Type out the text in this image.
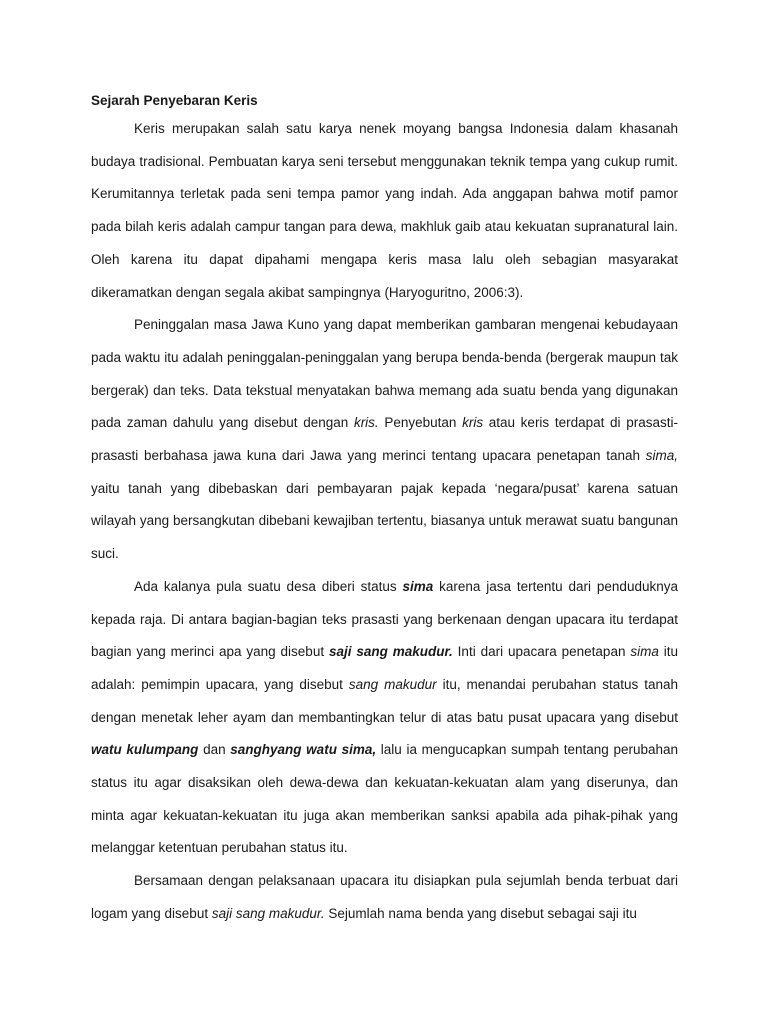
Sejarah Penyebaran Keris

Keris merupakan salah satu karya nenek moyang bangsa Indonesia dalam khasanah budaya tradisional. Pembuatan karya seni tersebut menggunakan teknik tempa yang cukup rumit. Kerumitannya terletak pada seni tempa pamor yang indah. Ada anggapan bahwa motif pamor pada bilah keris adalah campur tangan para dewa, makhluk gaib atau kekuatan supranatural lain. Oleh karena itu dapat dipahami mengapa keris masa lalu oleh sebagian masyarakat dikeramatkan dengan segala akibat sampingnya (Haryoguritno, 2006:3).

Peninggalan masa Jawa Kuno yang dapat memberikan gambaran mengenai kebudayaan pada waktu itu adalah peninggalan-peninggalan yang berupa benda-benda (bergerak maupun tak bergerak) dan teks. Data tekstual menyatakan bahwa memang ada suatu benda yang digunakan pada zaman dahulu yang disebut dengan kris. Penyebutan kris atau keris terdapat di prasasti-prasasti berbahasa jawa kuna dari Jawa yang merinci tentang upacara penetapan tanah sima, yaitu tanah yang dibebaskan dari pembayaran pajak kepada ‘negara/pusat’ karena satuan wilayah yang bersangkutan dibebani kewajiban tertentu, biasanya untuk merawat suatu bangunan suci.

Ada kalanya pula suatu desa diberi status sima karena jasa tertentu dari penduduknya kepada raja. Di antara bagian-bagian teks prasasti yang berkenaan dengan upacara itu terdapat bagian yang merinci apa yang disebut saji sang makudur. Inti dari upacara penetapan sima itu adalah: pemimpin upacara, yang disebut sang makudur itu, menandai perubahan status tanah dengan menetak leher ayam dan membantingkan telur di atas batu pusat upacara yang disebut watu kulumpang dan sanghyang watu sima, lalu ia mengucapkan sumpah tentang perubahan status itu agar disaksikan oleh dewa-dewa dan kekuatan-kekuatan alam yang diserunya, dan minta agar kekuatan-kekuatan itu juga akan memberikan sanksi apabila ada pihak-pihak yang melanggar ketentuan perubahan status itu.

Bersamaan dengan pelaksanaan upacara itu disiapkan pula sejumlah benda terbuat dari logam yang disebut saji sang makudur. Sejumlah nama benda yang disebut sebagai saji itu
